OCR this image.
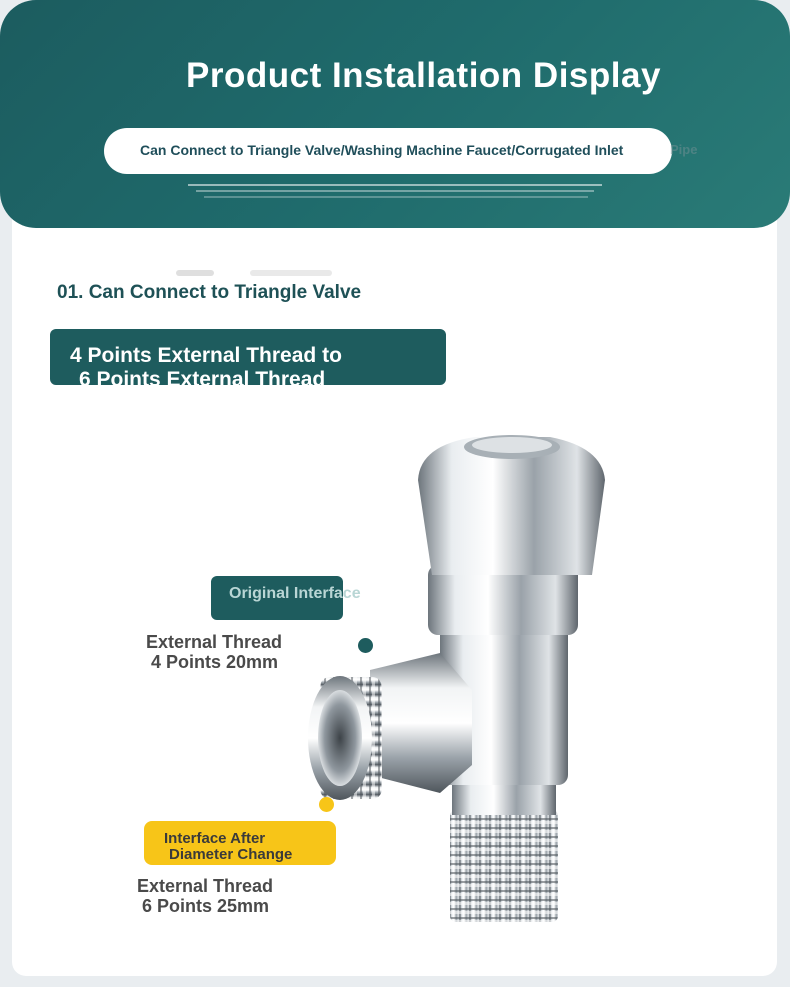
Product Installation Display
Can Connect to Triangle Valve/Washing Machine Faucet/Corrugated Inlet	Pipe
01. Can Connect to Triangle Valve
4 Points External Thread to
6 Points External Thread
Original Interface
External Thread
4 Points 20mm
Interface After
Diameter Change
External Thread
6 Points 25mm
